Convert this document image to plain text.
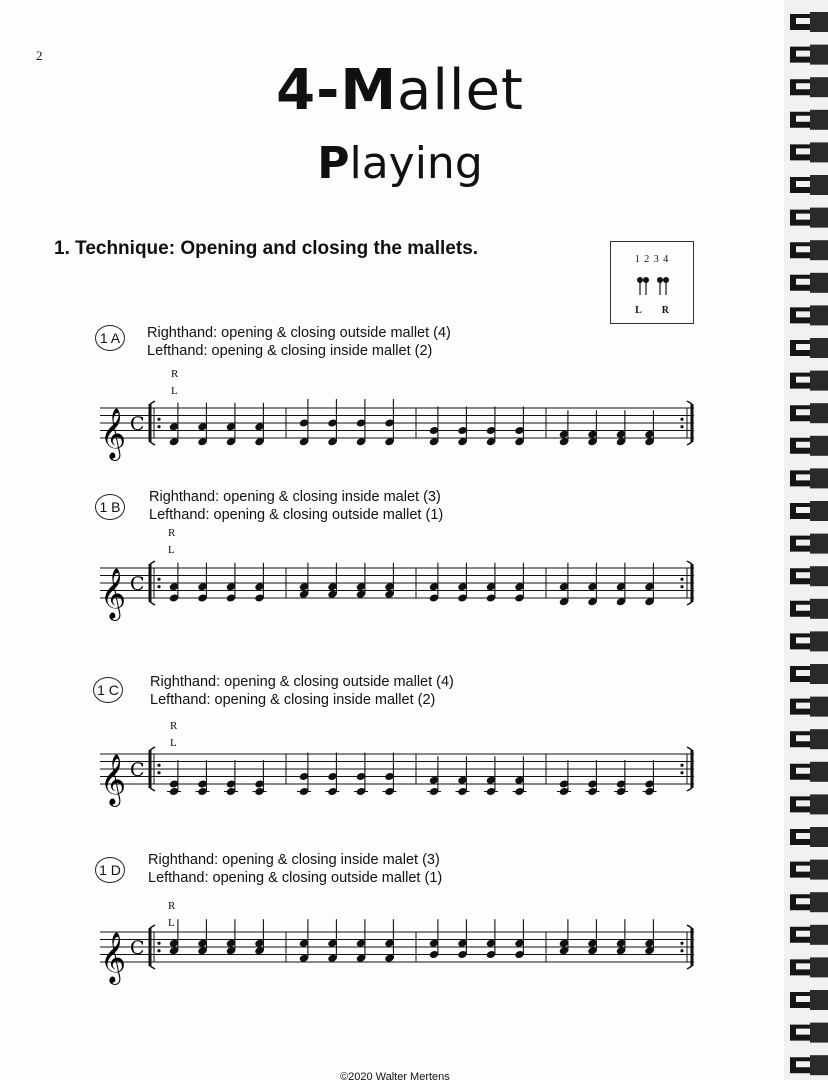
2
4-Mallet
Playing
1. Technique: Opening and closing the mallets.
1 2 3 4
L R
1 A	Righthand: opening & closing outside mallet (4)
Lefthand: opening & closing inside mallet (2)
R
L
𝄞 C
1 B
Righthand: opening & closing inside malet (3)
Lefthand: opening & closing outside mallet (1)
R
L
𝄞 C
1 C Righthand: opening & closing outside mallet (4)
Lefthand: opening & closing inside mallet (2)
R
L
𝄞 C
1 D
Righthand: opening & closing inside malet (3)
Lefthand: opening & closing outside mallet (1)
R
L
𝄞 C
©2020 Walter Mertens
